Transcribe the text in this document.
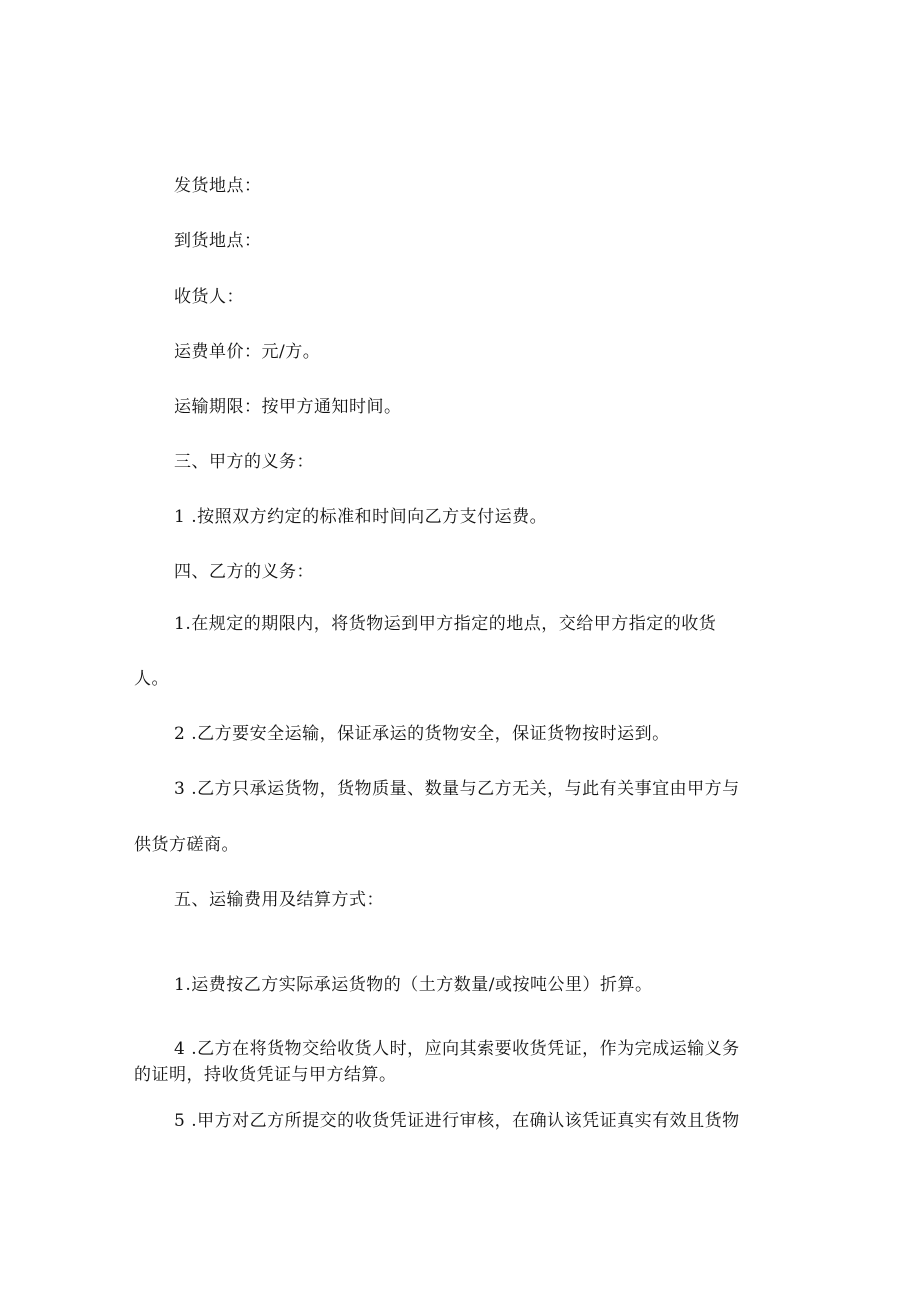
发货地点：
到货地点：
收货人：
运费单价：元/方。
运输期限：按甲方通知时间。
三、甲方的义务：
1 .按照双方约定的标准和时间向乙方支付运费。
四、乙方的义务：
1.在规定的期限内，将货物运到甲方指定的地点，交给甲方指定的收货
人。
2 .乙方要安全运输，保证承运的货物安全，保证货物按时运到。
3 .乙方只承运货物，货物质量、数量与乙方无关，与此有关事宜由甲方与
供货方磋商。
五、运输费用及结算方式：
1.运费按乙方实际承运货物的（土方数量/或按吨公里）折算。
4 .乙方在将货物交给收货人时，应向其索要收货凭证，作为完成运输义务
的证明，持收货凭证与甲方结算。
5 .甲方对乙方所提交的收货凭证进行审核，在确认该凭证真实有效且货物
